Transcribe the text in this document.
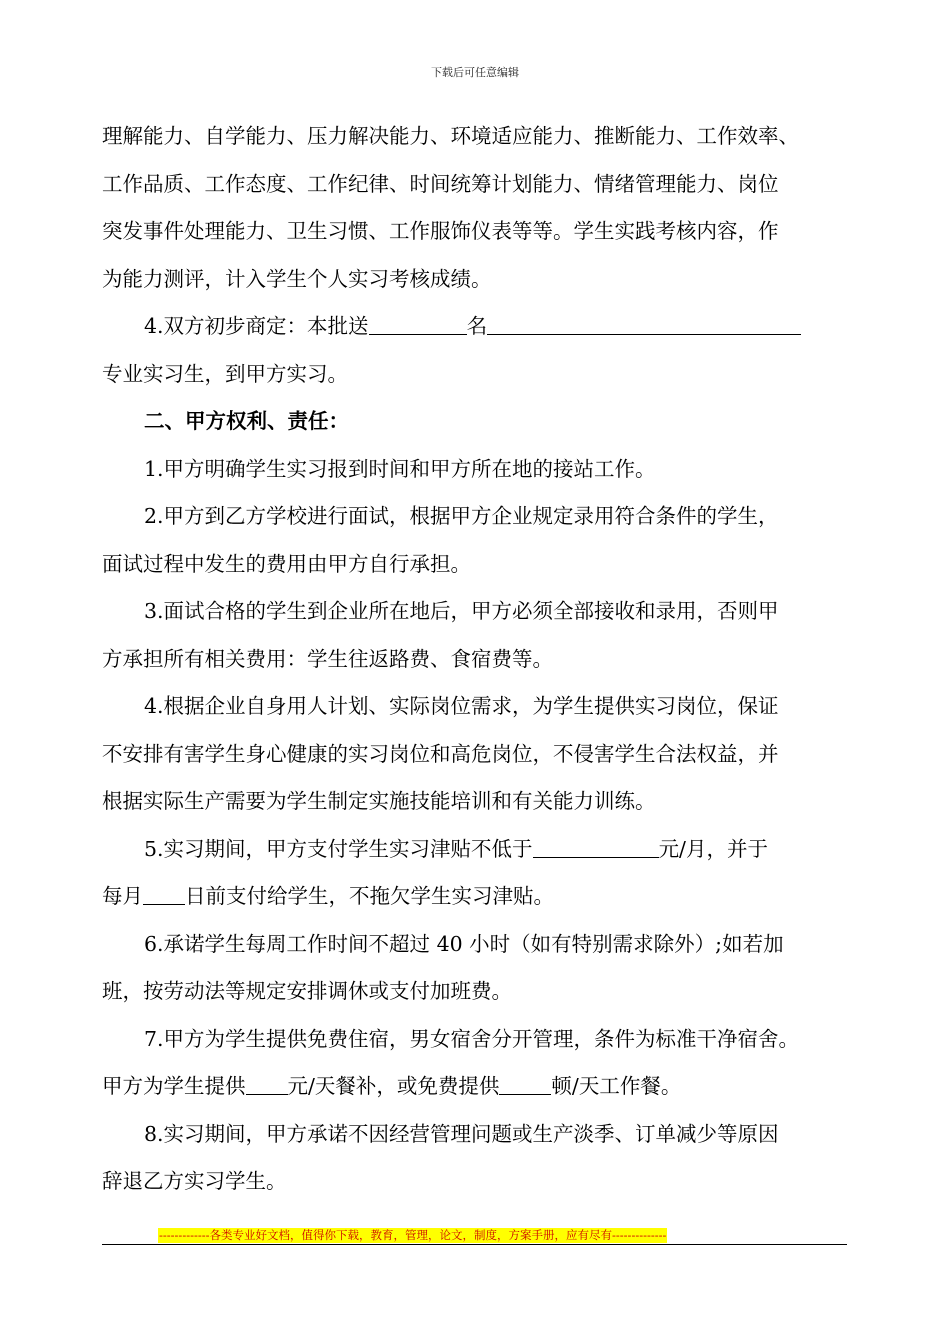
下载后可任意编辑

理解能力、自学能力、压力解决能力、环境适应能力、推断能力、工作效率、

工作品质、工作态度、工作纪律、时间统筹计划能力、情绪管理能力、岗位

突发事件处理能力、卫生习惯、工作服饰仪表等等。学生实践考核内容，作

为能力测评，计入学生个人实习考核成绩。

4.双方初步商定：本批送	名

专业实习生，到甲方实习。

二、甲方权利、责任：

1.甲方明确学生实习报到时间和甲方所在地的接站工作。

2.甲方到乙方学校进行面试，根据甲方企业规定录用符合条件的学生，

面试过程中发生的费用由甲方自行承担。

3.面试合格的学生到企业所在地后，甲方必须全部接收和录用，否则甲

方承担所有相关费用：学生往返路费、食宿费等。

4.根据企业自身用人计划、实际岗位需求，为学生提供实习岗位，保证

不安排有害学生身心健康的实习岗位和高危岗位，不侵害学生合法权益，并

根据实际生产需要为学生制定实施技能培训和有关能力训练。

5.实习期间，甲方支付学生实习津贴不低于	元/月，并于

每月 日前支付给学生，不拖欠学生实习津贴。

6.承诺学生每周工作时间不超过 40 小时（如有特别需求除外）;如若加

班，按劳动法等规定安排调休或支付加班费。

7.甲方为学生提供免费住宿，男女宿舍分开管理，条件为标准干净宿舍。

甲方为学生提供 元/天餐补，或免费提供	顿/天工作餐。

8.实习期间，甲方承诺不因经营管理问题或生产淡季、订单减少等原因

辞退乙方实习学生。

-------------各类专业好文档，值得你下载，教育，管理，论文，制度，方案手册，应有尽有--------------
